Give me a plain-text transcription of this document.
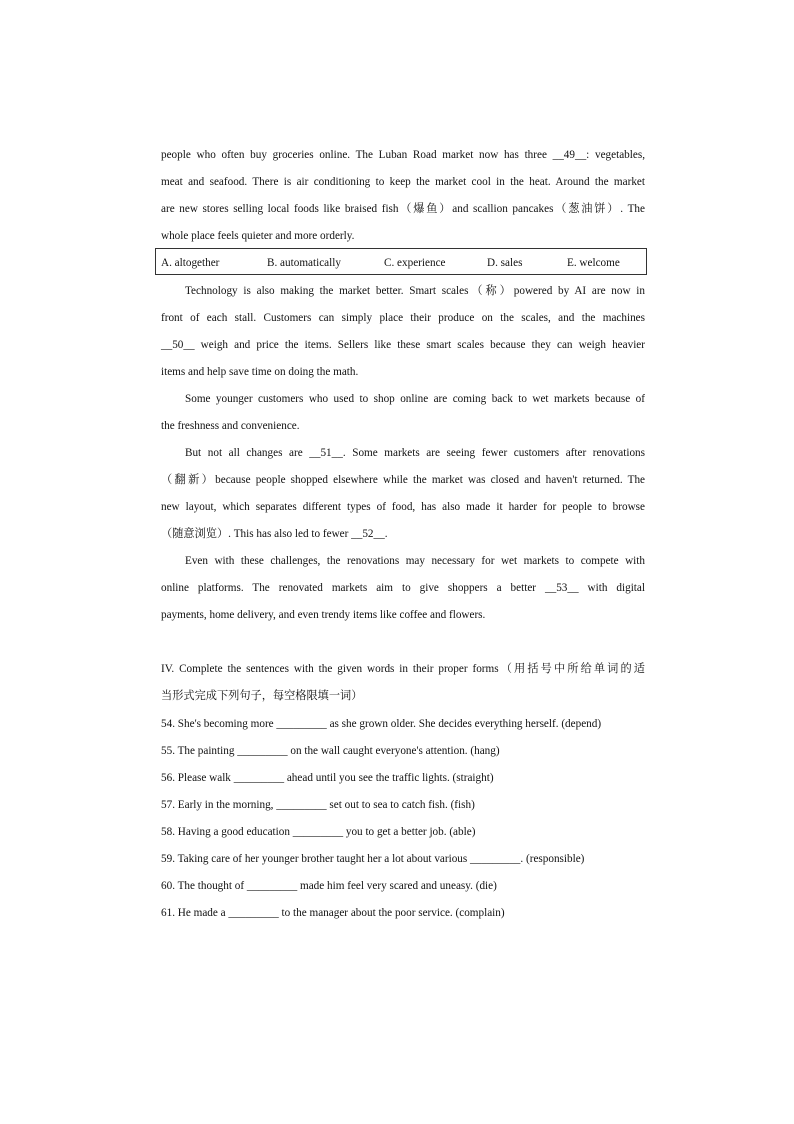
people who often buy groceries online. The Luban Road market now has three __49__: vegetables,
meat and seafood. There is air conditioning to keep the market cool in the heat. Around the market
are new stores selling local foods like braised fish（爆鱼）and scallion pancakes（葱油饼）. The
whole place feels quieter and more orderly.
A. altogether	B. automatically	C. experience	D. sales	E. welcome
Technology is also making the market better. Smart scales（称）powered by AI are now in
front of each stall. Customers can simply place their produce on the scales, and the machines
__50__ weigh and price the items. Sellers like these smart scales because they can weigh heavier
items and help save time on doing the math.
Some younger customers who used to shop online are coming back to wet markets because of
the freshness and convenience.
But not all changes are __51__. Some markets are seeing fewer customers after renovations
（翻新）because people shopped elsewhere while the market was closed and haven't returned. The
new layout, which separates different types of food, has also made it harder for people to browse
（随意浏览）. This has also led to fewer __52__.
Even with these challenges, the renovations may necessary for wet markets to compete with
online platforms. The renovated markets aim to give shoppers a better __53__ with digital
payments, home delivery, and even trendy items like coffee and flowers.
IV. Complete the sentences with the given words in their proper forms（用括号中所给单词的适
当形式完成下列句子，每空格限填一词）
54. She's becoming more _________ as she grown older. She decides everything herself. (depend)
55. The painting _________ on the wall caught everyone's attention. (hang)
56. Please walk _________ ahead until you see the traffic lights. (straight)
57. Early in the morning, _________ set out to sea to catch fish. (fish)
58. Having a good education _________ you to get a better job. (able)
59. Taking care of her younger brother taught her a lot about various _________. (responsible)
60. The thought of _________ made him feel very scared and uneasy. (die)
61. He made a _________ to the manager about the poor service. (complain)
